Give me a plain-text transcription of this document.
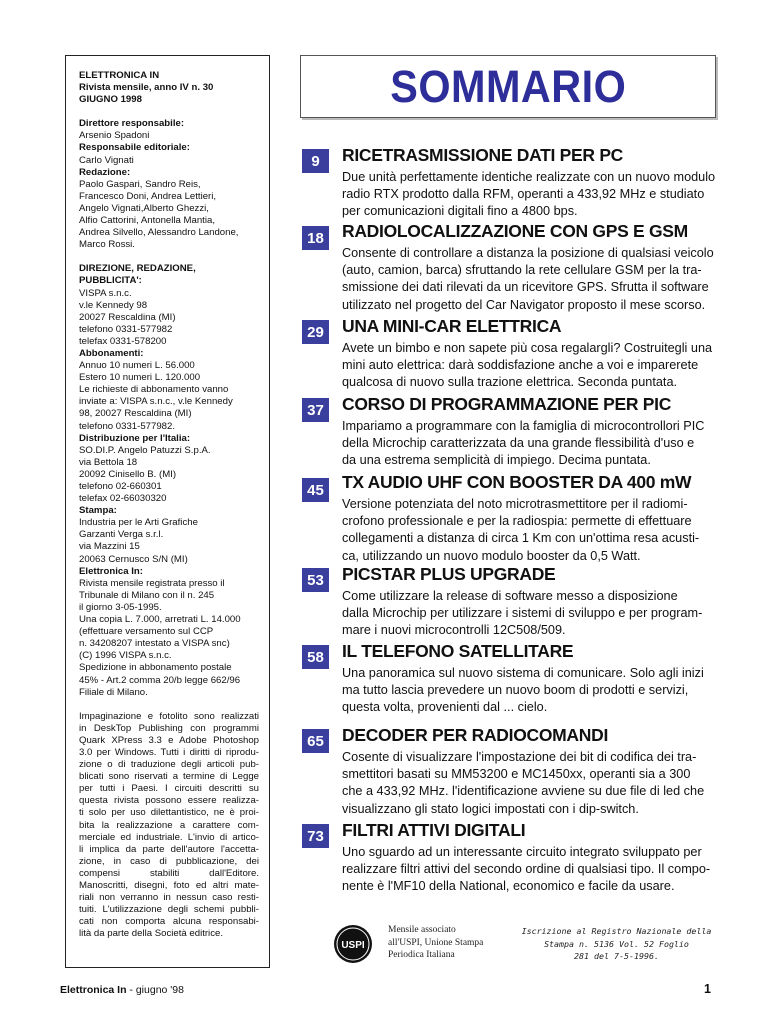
ELETTRONICA IN
Rivista mensile, anno IV n. 30
GIUGNO 1998
Direttore responsabile:
Arsenio Spadoni
Responsabile editoriale:
Carlo Vignati
Redazione:
Paolo Gaspari, Sandro Reis,
Francesco Doni, Andrea Lettieri,
Angelo Vignati,Alberto Ghezzi,
Alfio Cattorini, Antonella Mantia,
Andrea Silvello, Alessandro Landone,
Marco Rossi.
DIREZIONE, REDAZIONE,
PUBBLICITA':
VISPA s.n.c.
v.le Kennedy 98
20027 Rescaldina (MI)
telefono 0331-577982
telefax 0331-578200
Abbonamenti:
Annuo 10 numeri L. 56.000
Estero 10 numeri L. 120.000
Le richieste di abbonamento vanno
inviate a: VISPA s.n.c., v.le Kennedy
98, 20027 Rescaldina (MI)
telefono 0331-577982.
Distribuzione per l'Italia:
SO.DI.P. Angelo Patuzzi S.p.A.
via Bettola 18
20092 Cinisello B. (MI)
telefono 02-660301
telefax 02-66030320
Stampa:
Industria per le Arti Grafiche
Garzanti Verga s.r.l.
via Mazzini 15
20063 Cernusco S/N (MI)
Elettronica In:
Rivista mensile registrata presso il
Tribunale di Milano con il n. 245
il giorno 3-05-1995.
Una copia L. 7.000, arretrati L. 14.000
(effettuare versamento sul CCP
n. 34208207 intestato a VISPA snc)
(C) 1996 VISPA s.n.c.
Spedizione in abbonamento postale
45% - Art.2 comma 20/b legge 662/96
Filiale di Milano.
Impaginazione e fotolito sono realizzati
in DeskTop Publishing con programmi
Quark XPress 3.3 e Adobe Photoshop
3.0 per Windows. Tutti i diritti di riprodu-
zione o di traduzione degli articoli pub-
blicati sono riservati a termine di Legge
per tutti i Paesi. I circuiti descritti su
questa rivista possono essere realizza-
ti solo per uso dilettantistico, ne è proi-
bita la realizzazione a carattere com-
merciale ed industriale. L'invio di artico-
li implica da parte dell'autore l'accetta-
zione, in caso di pubblicazione, dei
compensi stabiliti dall'Editore.
Manoscritti, disegni, foto ed altri mate-
riali non verranno in nessun caso resti-
tuiti. L'utilizzazione degli schemi pubbli-
cati non comporta alcuna responsabi-
lità da parte della Società editrice.
SOMMARIO
9	RICETRASMISSIONE DATI PER PC
Due unità perfettamente identiche realizzate con un nuovo modulo
radio RTX prodotto dalla RFM, operanti a 433,92 MHz e studiato
per comunicazioni digitali fino a 4800 bps.
18 RADIOLOCALIZZAZIONE CON GPS E GSM
Consente di controllare a distanza la posizione di qualsiasi veicolo
(auto, camion, barca) sfruttando la rete cellulare GSM per la tra-
smissione dei dati rilevati da un ricevitore GPS. Sfrutta il software
utilizzato nel progetto del Car Navigator proposto il mese scorso.
29 UNA MINI-CAR ELETTRICA
Avete un bimbo e non sapete più cosa regalargli? Costruitegli una
mini auto elettrica: darà soddisfazione anche a voi e imparerete
qualcosa di nuovo sulla trazione elettrica. Seconda puntata.
37 CORSO DI PROGRAMMAZIONE PER PIC
Impariamo a programmare con la famiglia di microcontrollori PIC
della Microchip caratterizzata da una grande flessibilità d'uso e
da una estrema semplicità di impiego. Decima puntata.
45 TX AUDIO UHF CON BOOSTER DA 400 mW
Versione potenziata del noto microtrasmettitore per il radiomi-
crofono professionale e per la radiospia: permette di effettuare
collegamenti a distanza di circa 1 Km con un'ottima resa acusti-
ca, utilizzando un nuovo modulo booster da 0,5 Watt.
53 PICSTAR PLUS UPGRADE
Come utilizzare la release di software messo a disposizione
dalla Microchip per utilizzare i sistemi di sviluppo e per program-
mare i nuovi microcontrolli 12C508/509.
58 IL TELEFONO SATELLITARE
Una panoramica sul nuovo sistema di comunicare. Solo agli inizi
ma tutto lascia prevedere un nuovo boom di prodotti e servizi,
questa volta, provenienti dal ... cielo.
65 DECODER PER RADIOCOMANDI
Cosente di visualizzare l'impostazione dei bit di codifica dei tra-
smettitori basati su MM53200 e MC1450xx, operanti sia a 300
che a 433,92 MHz. l'identificazione avviene su due file di led che
visualizzano gli stato logici impostati con i dip-switch.
73 FILTRI ATTIVI DIGITALI
Uno sguardo ad un interessante circuito integrato sviluppato per
realizzare filtri attivi del secondo ordine di qualsiasi tipo. Il compo-
nente è l'MF10 della National, economico e facile da usare.
USPI
Mensile associato
all'USPI, Unione Stampa
Periodica Italiana
Iscrizione al Registro Nazionale della
Stampa n. 5136 Vol. 52 Foglio
281 del 7-5-1996.
Elettronica In - giugno '98	1
